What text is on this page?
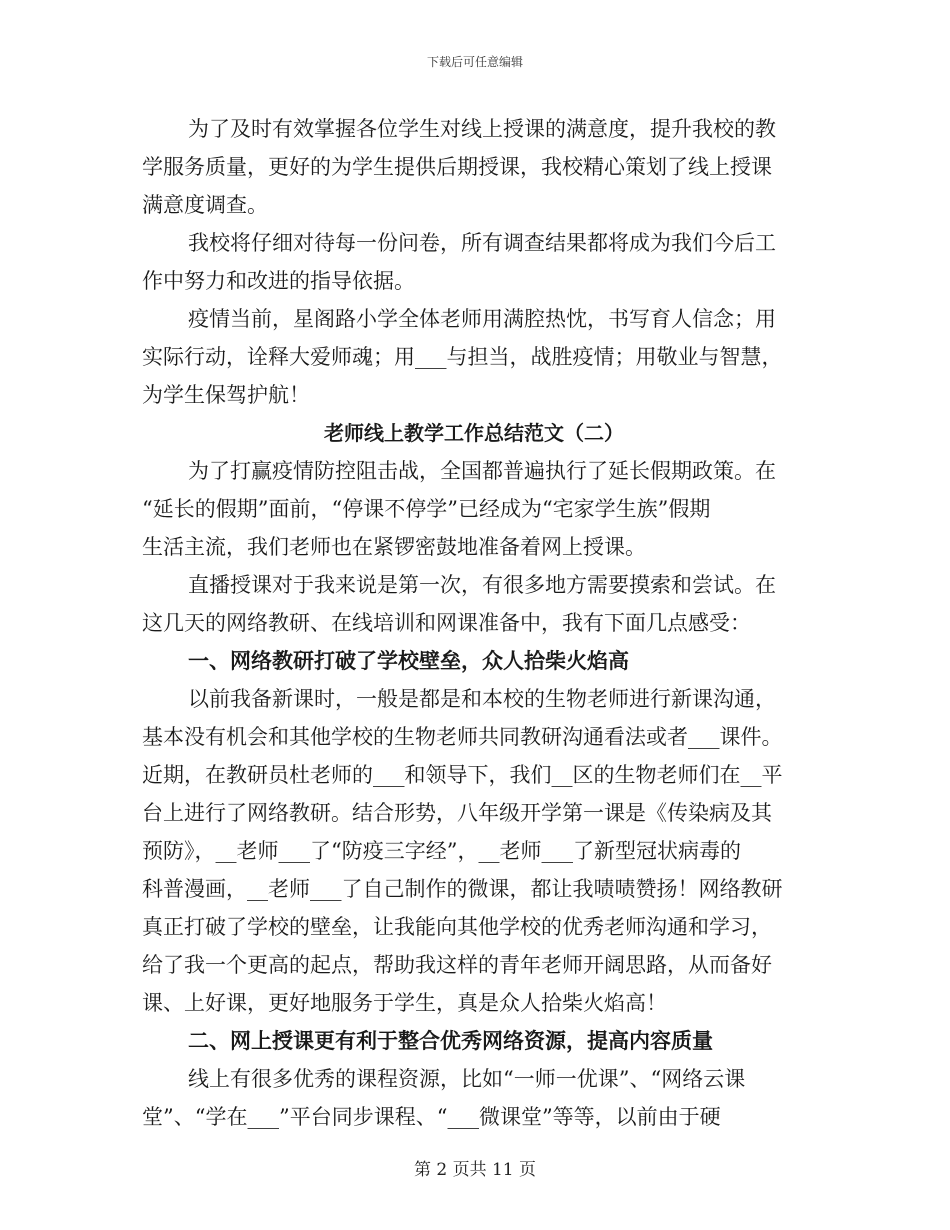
下载后可任意编辑
为了及时有效掌握各位学生对线上授课的满意度，提升我校的教
学服务质量，更好的为学生提供后期授课，我校精心策划了线上授课
满意度调查。
我校将仔细对待每一份问卷，所有调查结果都将成为我们今后工
作中努力和改进的指导依据。
疫情当前，星阁路小学全体老师用满腔热忱，书写育人信念；用
实际行动，诠释大爱师魂；用___与担当，战胜疫情；用敬业与智慧，
为学生保驾护航！
老师线上教学工作总结范文（二）
为了打赢疫情防控阻击战，全国都普遍执行了延长假期政策。在
“延长的假期”面前，“停课不停学”已经成为“宅家学生族”假期
生活主流，我们老师也在紧锣密鼓地准备着网上授课。
直播授课对于我来说是第一次，有很多地方需要摸索和尝试。在
这几天的网络教研、在线培训和网课准备中，我有下面几点感受：
一、网络教研打破了学校壁垒，众人拾柴火焰高
以前我备新课时，一般是都是和本校的生物老师进行新课沟通，
基本没有机会和其他学校的生物老师共同教研沟通看法或者___课件。
近期，在教研员杜老师的___和领导下，我们__区的生物老师们在__平
台上进行了网络教研。结合形势，八年级开学第一课是《传染病及其
预防》，__老师___了“防疫三字经”，__老师___了新型冠状病毒的
科普漫画，__老师___了自己制作的微课，都让我啧啧赞扬！网络教研
真正打破了学校的壁垒，让我能向其他学校的优秀老师沟通和学习，
给了我一个更高的起点，帮助我这样的青年老师开阔思路，从而备好
课、上好课，更好地服务于学生，真是众人拾柴火焰高！
二、网上授课更有利于整合优秀网络资源，提高内容质量
线上有很多优秀的课程资源，比如“一师一优课”、“网络云课
堂”、“学在___”平台同步课程、“___微课堂”等等，以前由于硬
第 2 页共 11 页
